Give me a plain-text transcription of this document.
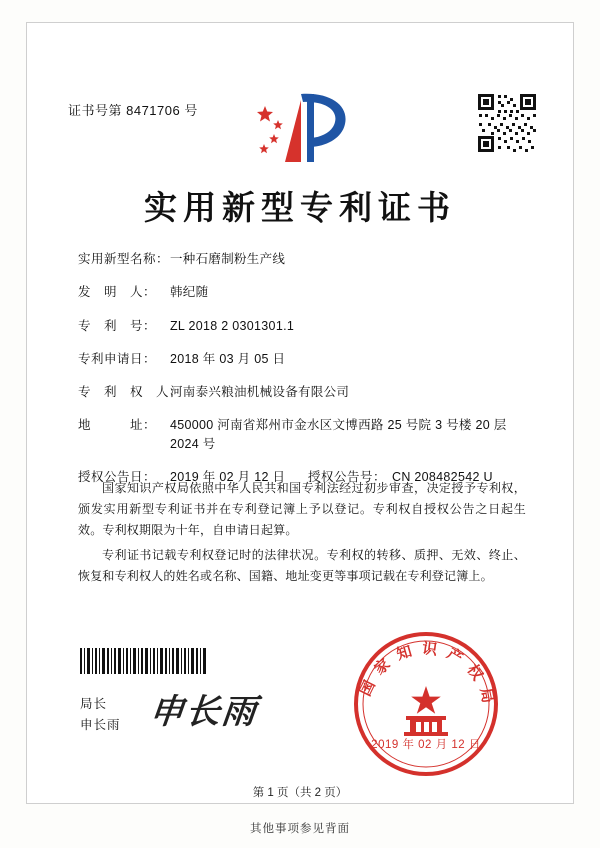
证书号第 8471706 号
实用新型专利证书
实用新型名称： 一种石磨制粉生产线
发　明　人：	韩纪随
专　利　号：	ZL 2018 2 0301301.1
专利申请日：	2018 年 03 月 05 日
专　利　权　人：
河南泰兴粮油机械设备有限公司
地　　　址：	450000 河南省郑州市金水区文博西路 25 号院 3 号楼 20 层 2024 号
授权公告日：	2019 年 02 月 12 日	授权公告号： CN 208482542 U

国家知识产权局依照中华人民共和国专利法经过初步审查，决定授予专利权，颁发实用新型专利证书并在专利登记簿上予以登记。专利权自授权公告之日起生效。专利权期限为十年，自申请日起算。

专利证书记载专利权登记时的法律状况。专利权的转移、质押、无效、终止、恢复和专利权人的姓名或名称、国籍、地址变更等事项记载在专利登记簿上。

局长
申长雨 申长雨
国家知识产权局
2019 年 02 月 12 日
第 1 页（共 2 页）
其他事项参见背面
